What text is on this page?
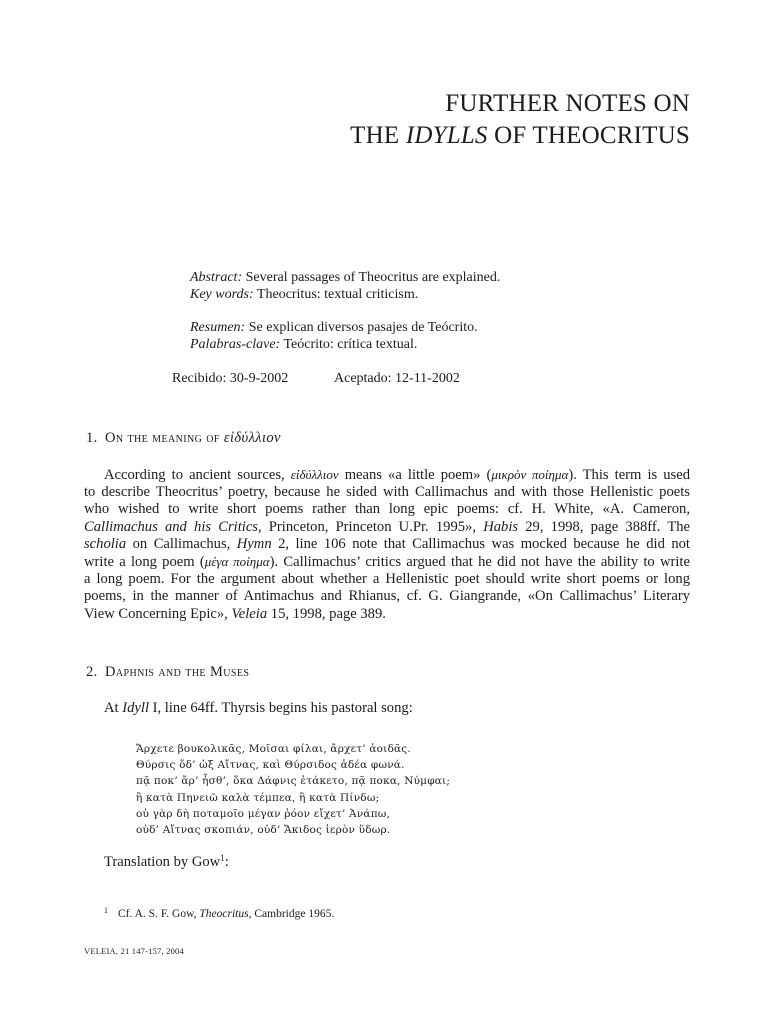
FURTHER NOTES ON
THE IDYLLS OF THEOCRITUS
Abstract: Several passages of Theocritus are explained.
Key words: Theocritus: textual criticism.
Resumen: Se explican diversos pasajes de Teócrito.
Palabras-clave: Teócrito: crítica textual.
Recibido: 30-9-2002	Aceptado: 12-11-2002
1. On the meaning of εἰδύλλιον
According to ancient sources, εἰδύλλιον means «a little poem» (μικρὸν ποίημα). This term is used
to describe Theocritus’ poetry, because he sided with Callimachus and with those Hellenistic poets
who wished to write short poems rather than long epic poems: cf. H. White, «A. Cameron,
Callimachus and his Critics, Princeton, Princeton U.Pr. 1995», Habis 29, 1998, page 388ff. The
scholia on Callimachus, Hymn 2, line 106 note that Callimachus was mocked because he did not
write a long poem (μέγα ποίημα). Callimachus’ critics argued that he did not have the ability to write
a long poem. For the argument about whether a Hellenistic poet should write short poems or long
poems, in the manner of Antimachus and Rhianus, cf. G. Giangrande, «On Callimachus’ Literary
View Concerning Epic», Veleia 15, 1998, page 389.
2. Daphnis and the Muses
At Idyll I, line 64ff. Thyrsis begins his pastoral song:
Ἄρχετε βουκολικᾶς, Μοῖσαι φίλαι, ἄρχετ’ ἀοιδᾶς.
Θύρσις ὅδ’ ὡξ Αἴτνας, καὶ Θύρσιδος ἁδέα φωνά.
πᾷ ποκ’ ἄρ’ ἦσθ’, ὅκα Δάφνις ἐτάκετο, πᾷ ποκα, Νύμφαι;
ἢ κατὰ Πηνειῶ καλὰ τέμπεα, ἢ κατὰ Πίνδω;
οὐ γὰρ δὴ ποταμοῖο μέγαν ῥόον εἴχετ’ Ἀνάπω,
οὐδ’ Αἴτνας σκοπιάν, οὐδ’ Ἄκιδος ἱερὸν ὕδωρ.
Translation by Gow$^1$:
1 Cf. A. S. F. Gow, Theocritus, Cambridge 1965.
VELEIA, 21 147-157, 2004
